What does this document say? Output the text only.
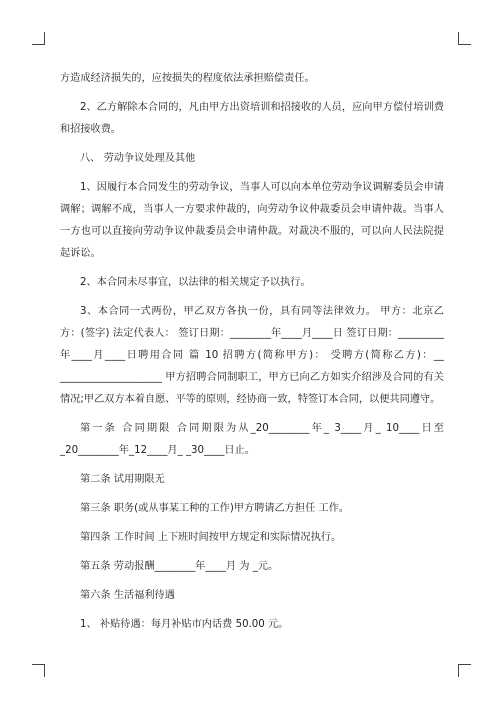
方造成经济损失的，应按损失的程度依法承担赔偿责任。

2、乙方解除本合同的，凡由甲方出资培训和招接收的人员，应向甲方偿付培训费和招接收费。

八、 劳动争议处理及其他

1、因履行本合同发生的劳动争议，当事人可以向本单位劳动争议调解委员会申请调解；调解不成，当事人一方要求仲裁的，向劳动争议仲裁委员会申请仲裁。当事人一方也可以直接向劳动争议仲裁委员会申请仲裁。对裁决不服的，可以向人民法院提起诉讼。

2、本合同未尽事宜，以法律的相关规定予以执行。

3、本合同一式两份，甲乙双方各执一份，具有同等法律效力。 甲方：北京乙方：(签字) 法定代表人： 签订日期：________年____月____日 签订日期：_________年____月____日聘用合同 篇 10 招聘方(简称甲方)： 受聘方(简称乙方)：__ ____________________ 甲方招聘合同制职工，甲方已向乙方如实介绍涉及合同的有关情况;甲乙双方本着自愿、平等的原则，经协商一致，特签订本合同，以便共同遵守。

第一条 合同期限 合同期限为从_20________年_ 3____月_ 10____日至_20________年_12____月_ _30____日止。

第二条 试用期限无

第三条 职务(或从事某工种的工作)甲方聘请乙方担任 工作。

第四条 工作时间 上下班时间按甲方规定和实际情况执行。

第五条 劳动报酬________年____月 为 _元。

第六条 生活福利待遇

1、 补贴待遇：每月补贴市内话费 50.00 元。
